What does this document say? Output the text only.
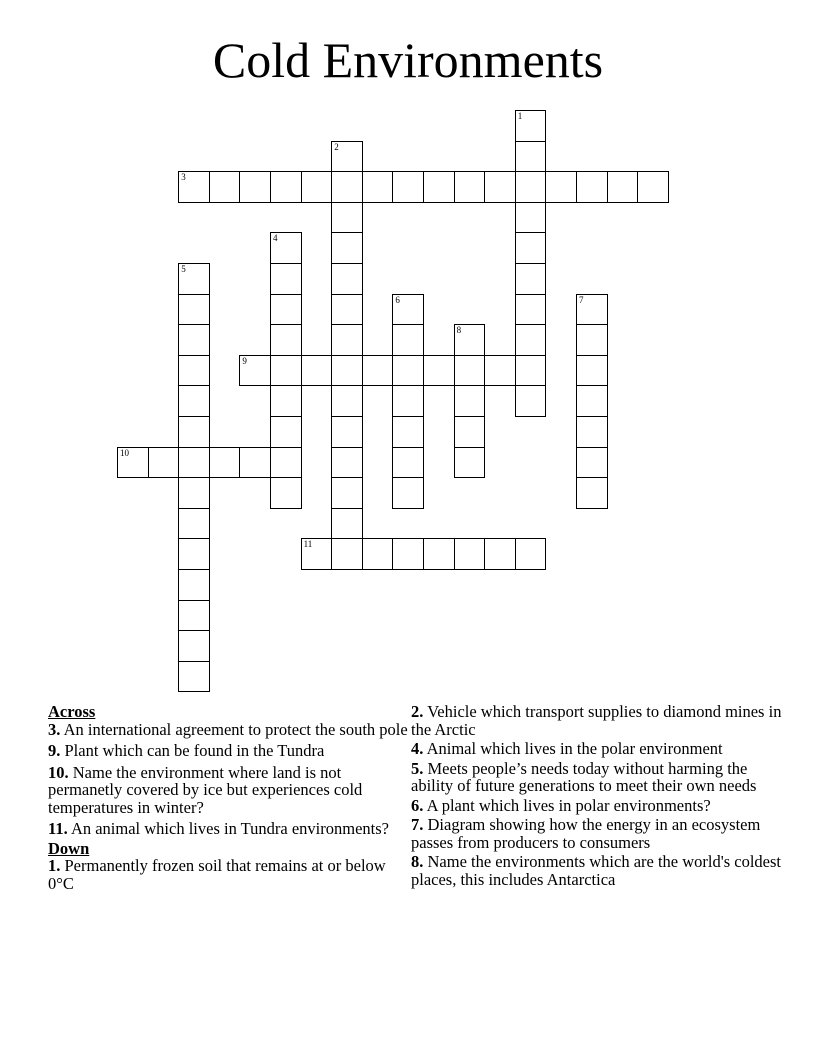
Cold Environments
1
2
3
4
5
6	7
8
9
10
11
Across
3. An international agreement to protect the south pole
9. Plant which can be found in the Tundra
10. Name the environment where land is not permanetly covered by ice but experiences cold temperatures in winter?
11. An animal which lives in Tundra environments?
Down
1. Permanently frozen soil that remains at or below 0°C
2. Vehicle which transport supplies to diamond mines in the Arctic
4. Animal which lives in the polar environment
5. Meets people’s needs today without harming the ability of future generations to meet their own needs
6. A plant which lives in polar environments?
7. Diagram showing how the energy in an ecosystem passes from producers to consumers
8. Name the environments which are the world's coldest places, this includes Antarctica
